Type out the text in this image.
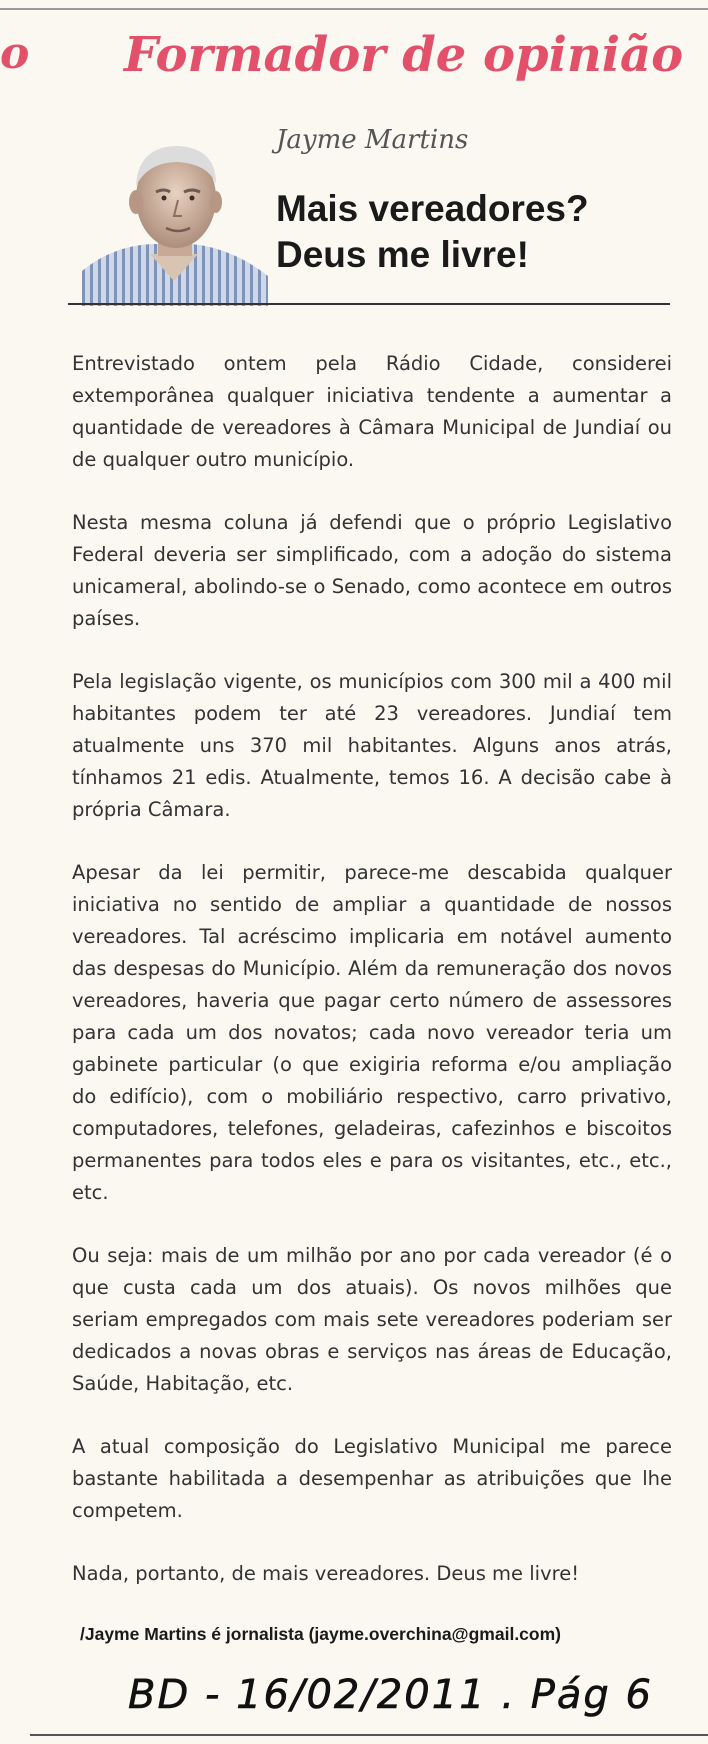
o Formador de opinião
Jayme Martins
Mais vereadores?
Deus me livre!

Entrevistado ontem pela Rádio Cidade, considerei extemporânea qualquer iniciativa tendente a aumentar a quantidade de vereadores à Câmara Municipal de Jundiaí ou de qualquer outro município.

Nesta mesma coluna já defendi que o próprio Legislativo Federal deveria ser simplificado, com a adoção do sistema unicameral, abolindo-se o Senado, como acontece em outros países.

Pela legislação vigente, os municípios com 300 mil a 400 mil habitantes podem ter até 23 vereadores. Jundiaí tem atualmente uns 370 mil habitantes. Alguns anos atrás, tínhamos 21 edis. Atualmente, temos 16. A decisão cabe à própria Câmara.

Apesar da lei permitir, parece-me descabida qualquer iniciativa no sentido de ampliar a quantidade de nossos vereadores. Tal acréscimo implicaria em notável aumento das despesas do Município. Além da remuneração dos novos vereadores, haveria que pagar certo número de assessores para cada um dos novatos; cada novo vereador teria um gabinete particular (o que exigiria reforma e/ou ampliação do edifício), com o mobiliário respectivo, carro privativo, computadores, telefones, geladeiras, cafezinhos e biscoitos permanentes para todos eles e para os visitantes, etc., etc., etc.

Ou seja: mais de um milhão por ano por cada vereador (é o que custa cada um dos atuais). Os novos milhões que seriam empregados com mais sete vereadores poderiam ser dedicados a novas obras e serviços nas áreas de Educação, Saúde, Habitação, etc.

A atual composição do Legislativo Municipal me parece bastante habilitada a desempenhar as atribuições que lhe competem.

Nada, portanto, de mais vereadores. Deus me livre!

/Jayme Martins é jornalista (jayme.overchina@gmail.com)
BD - 16/02/2011 . Pág 6
